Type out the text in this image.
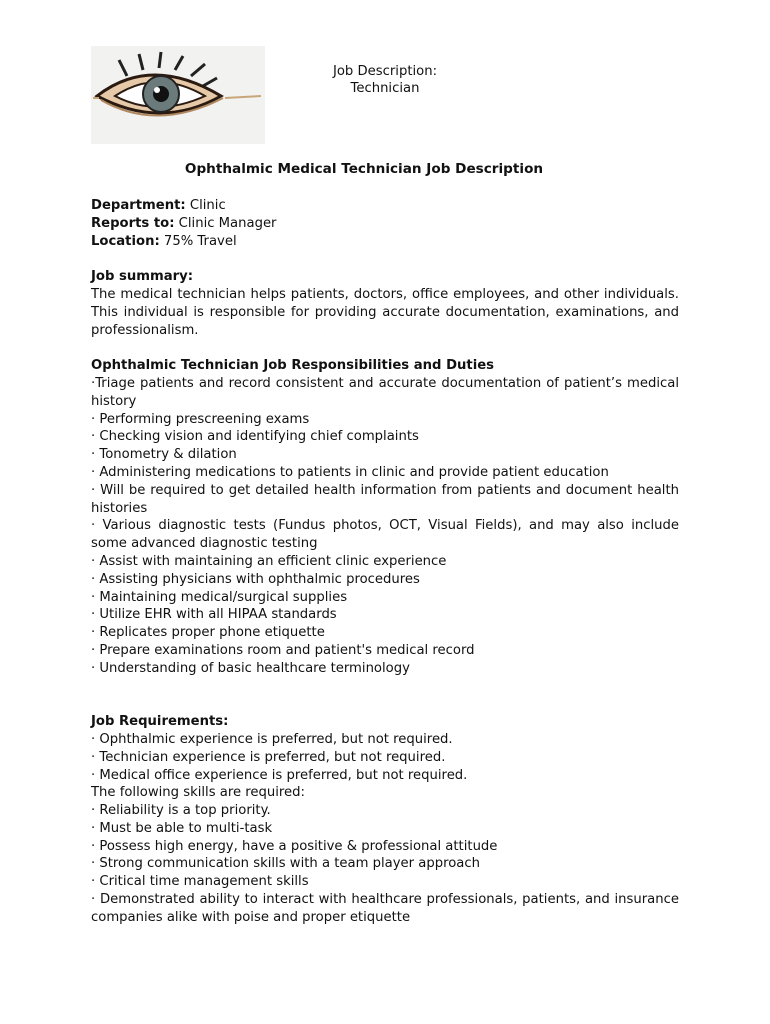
Job Description:
Technician
Ophthalmic Medical Technician Job Description
Department: Clinic
Reports to: Clinic Manager
Location: 75% Travel
Job summary:
The medical technician helps patients, doctors, office employees, and other individuals. This individual is responsible for providing accurate documentation, examinations, and professionalism.
Ophthalmic Technician Job Responsibilities and Duties
·Triage patients and record consistent and accurate documentation of patient’s medical history
· Performing prescreening exams
· Checking vision and identifying chief complaints
· Tonometry & dilation
· Administering medications to patients in clinic and provide patient education
· Will be required to get detailed health information from patients and document health histories
· Various diagnostic tests (Fundus photos, OCT, Visual Fields), and may also include some advanced diagnostic testing
· Assist with maintaining an efficient clinic experience
· Assisting physicians with ophthalmic procedures
· Maintaining medical/surgical supplies
· Utilize EHR with all HIPAA standards
· Replicates proper phone etiquette
· Prepare examinations room and patient's medical record
· Understanding of basic healthcare terminology
Job Requirements:
· Ophthalmic experience is preferred, but not required.
· Technician experience is preferred, but not required.
· Medical office experience is preferred, but not required.
The following skills are required:
· Reliability is a top priority.
· Must be able to multi-task
· Possess high energy, have a positive & professional attitude
· Strong communication skills with a team player approach
· Critical time management skills
· Demonstrated ability to interact with healthcare professionals, patients, and insurance companies alike with poise and proper etiquette
